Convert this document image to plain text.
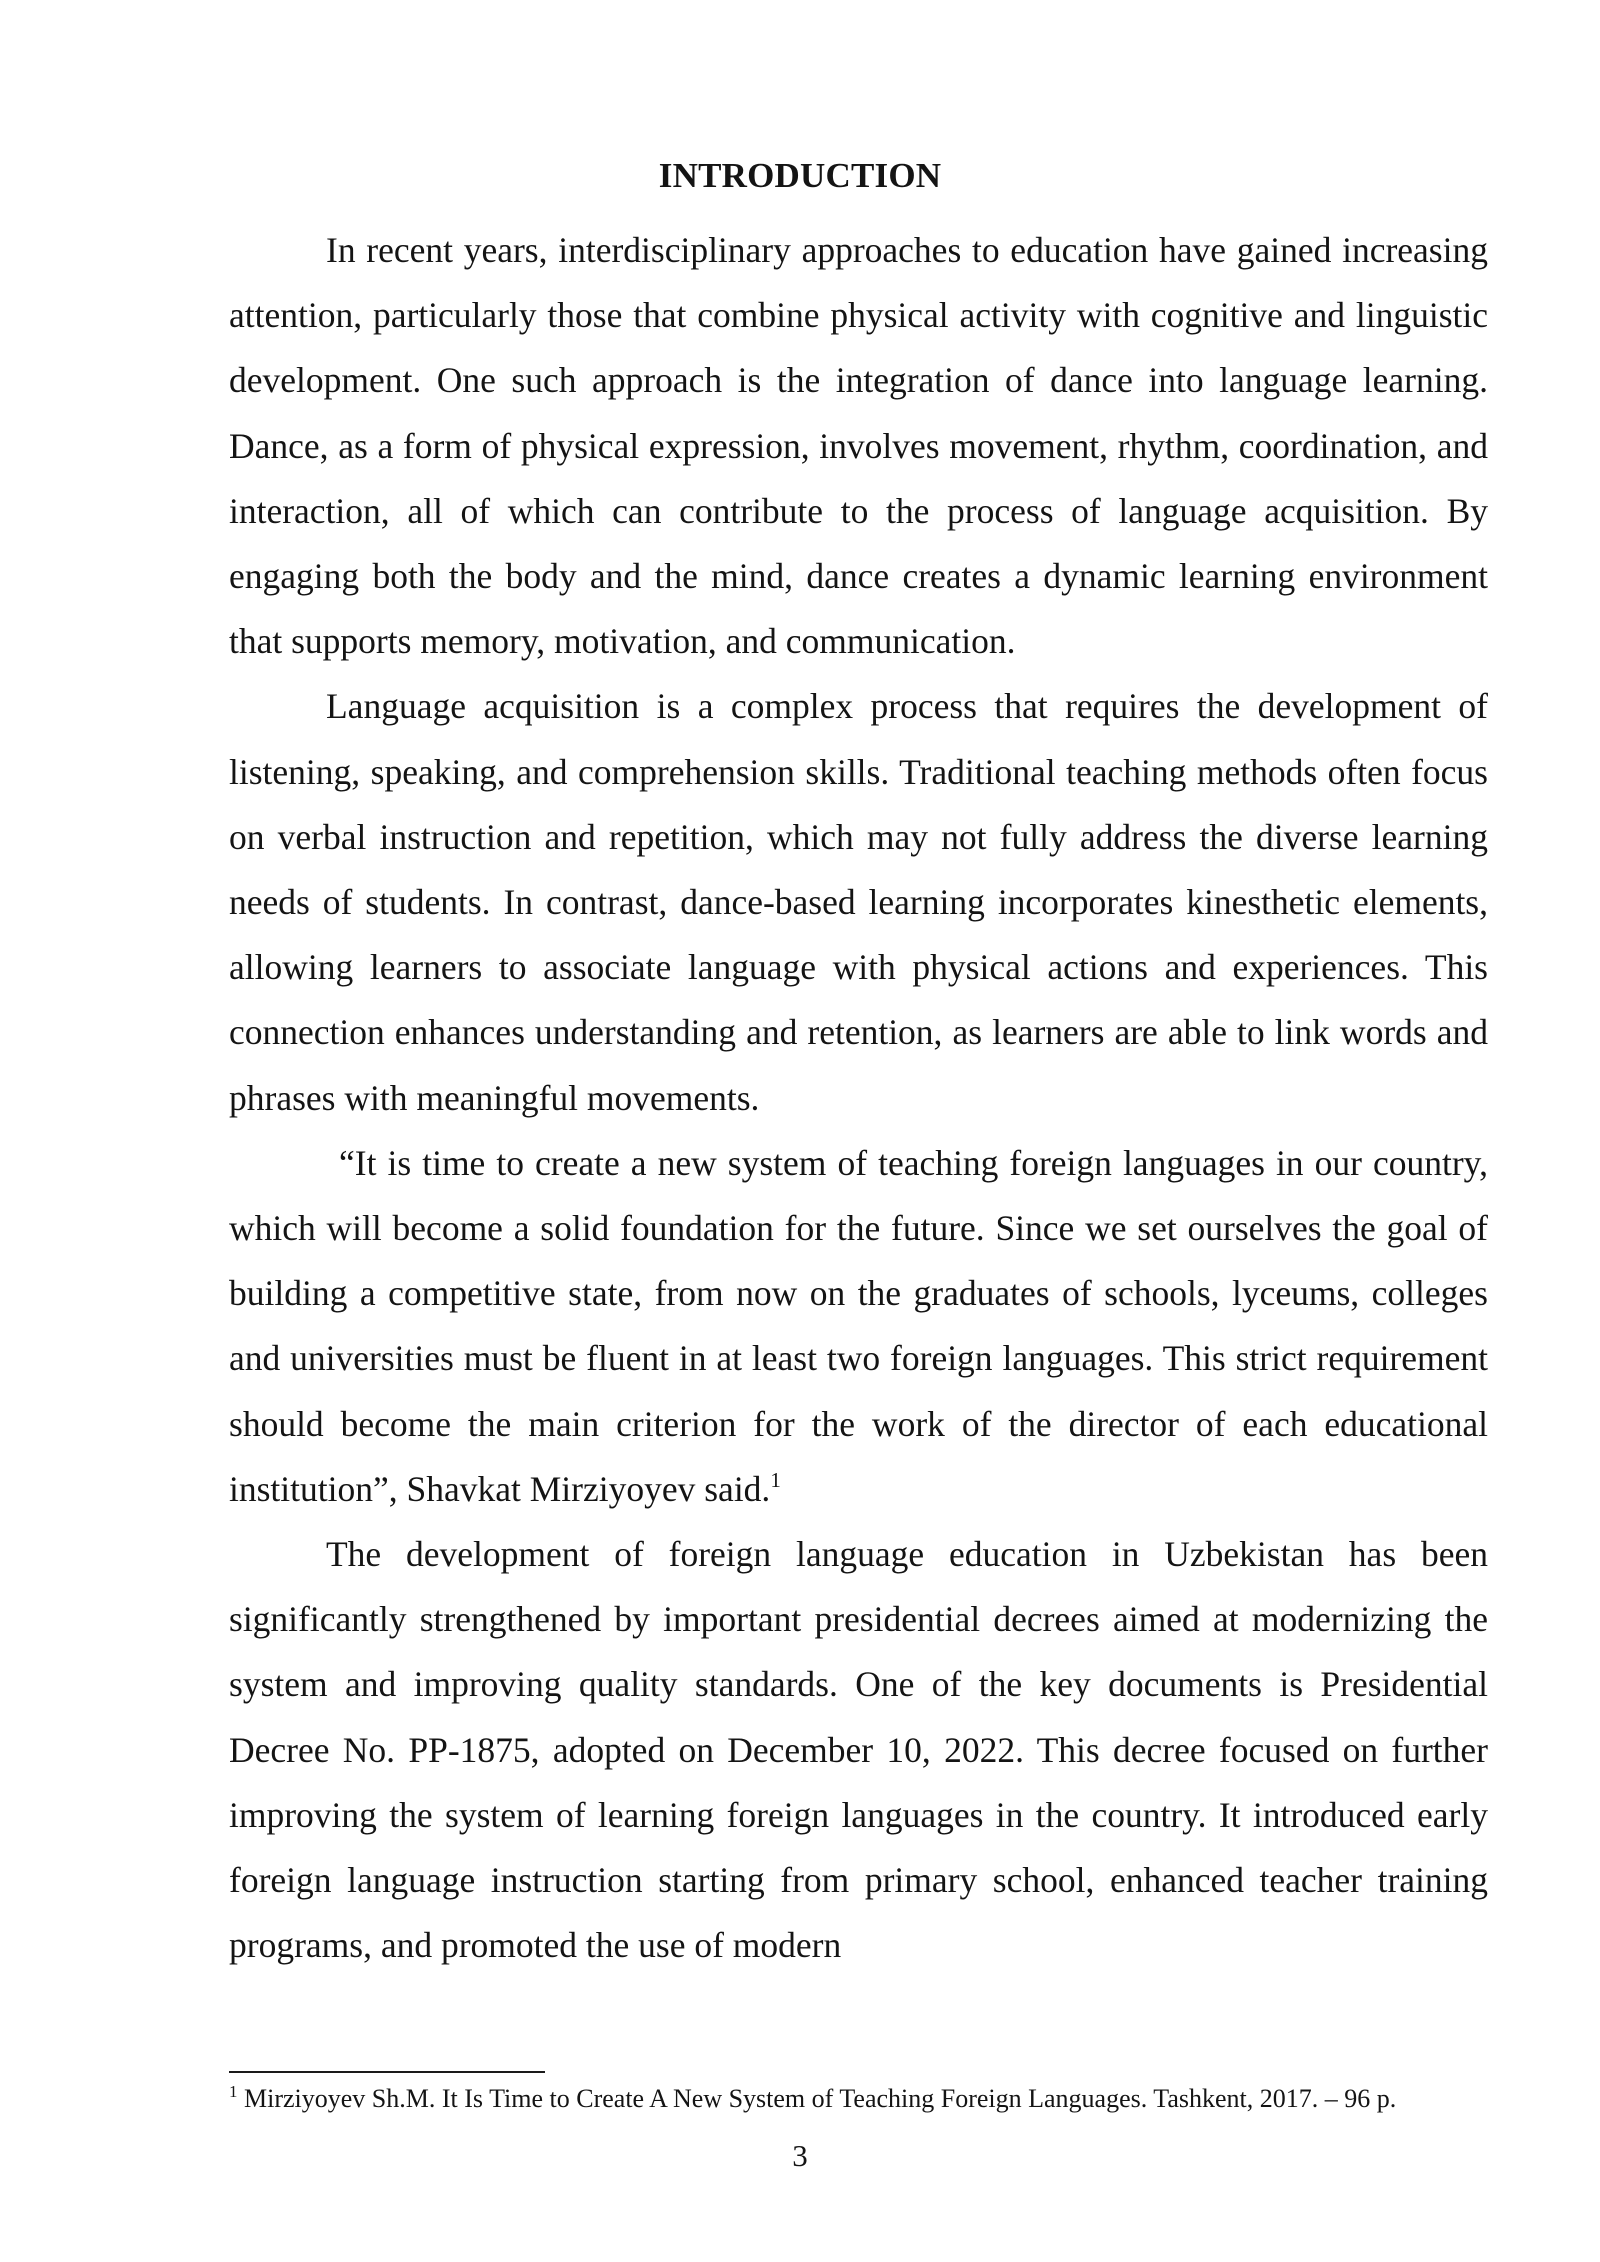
INTRODUCTION

In recent years, interdisciplinary approaches to education have gained increasing attention, particularly those that combine physical activity with cognitive and linguistic development. One such approach is the integration of dance into language learning. Dance, as a form of physical expression, involves movement, rhythm, coordination, and interaction, all of which can contribute to the process of language acquisition. By engaging both the body and the mind, dance creates a dynamic learning environment that supports memory, motivation, and communication.

Language acquisition is a complex process that requires the development of listening, speaking, and comprehension skills. Traditional teaching methods often focus on verbal instruction and repetition, which may not fully address the diverse learning needs of students. In contrast, dance-based learning incorporates kinesthetic elements, allowing learners to associate language with physical actions and experiences. This connection enhances understanding and retention, as learners are able to link words and phrases with meaningful movements.

“It is time to create a new system of teaching foreign languages in our country, which will become a solid foundation for the future. Since we set ourselves the goal of building a competitive state, from now on the graduates of schools, lyceums, colleges and universities must be fluent in at least two foreign languages. This strict requirement should become the main criterion for the work of the director of each educational institution”, Shavkat Mirziyoyev said.$^1$

The development of foreign language education in Uzbekistan has been significantly strengthened by important presidential decrees aimed at modernizing the system and improving quality standards. One of the key documents is Presidential Decree No. PP-1875, adopted on December 10, 2022. This decree focused on further improving the system of learning foreign languages in the country. It introduced early foreign language instruction starting from primary school, enhanced teacher training programs, and promoted the use of modern

$^1$ Mirziyoyev Sh.M. It Is Time to Create A New System of Teaching Foreign Languages. Tashkent, 2017. – 96 p.

3
